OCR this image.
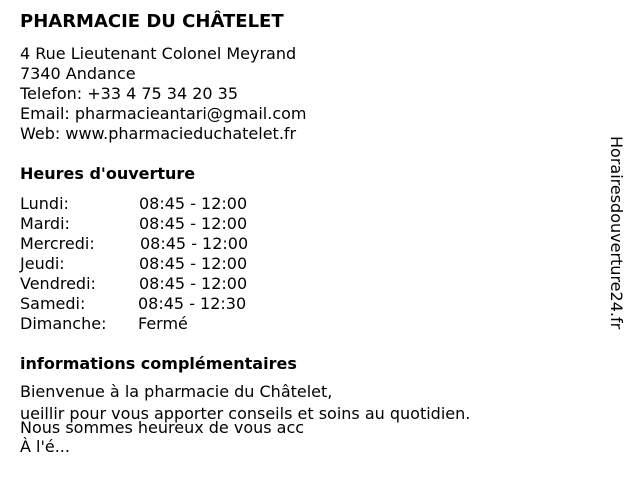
PHARMACIE DU CHÂTELET
4 Rue Lieutenant Colonel Meyrand
7340 Andance
Telefon: +33 4 75 34 20 35
Email: pharmacieantari@gmail.com
Web: www.pharmacieduchatelet.fr
Heures d'ouverture
Lundi:	08:45 - 12:00
Mardi:	08:45 - 12:00
Mercredi:	08:45 - 12:00
Jeudi:	08:45 - 12:00
Vendredi:	08:45 - 12:00
Samedi:	08:45 - 12:30
Dimanche: Fermé
informations complémentaires
Bienvenue à la pharmacie du Châtelet,
ueillir pour vous apporter conseils et soins au quotidien.
Nous sommes heureux de vous acc
À l'é...
Horairesdouverture24.fr
